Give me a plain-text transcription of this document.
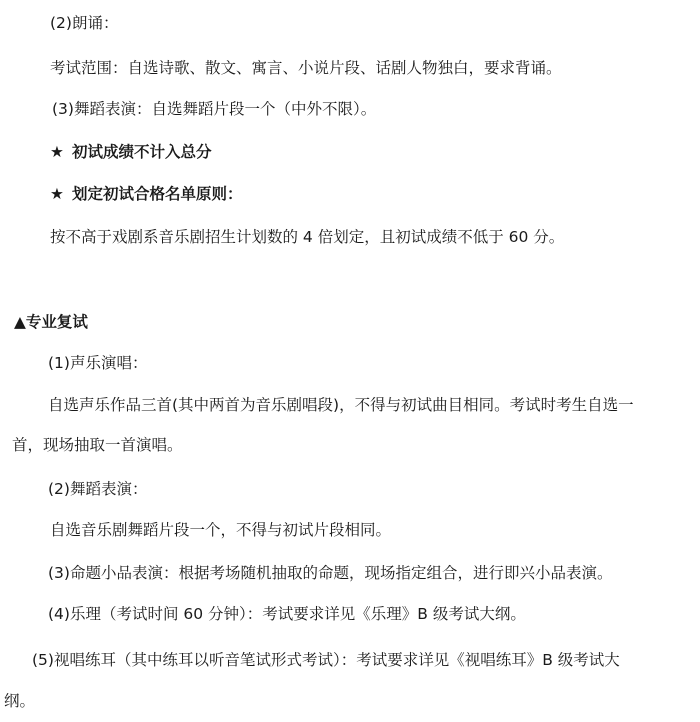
(2)朗诵：
考试范围：自选诗歌、散文、寓言、小说片段、话剧人物独白，要求背诵。
(3)舞蹈表演：自选舞蹈片段一个（中外不限）。
★ 初试成绩不计入总分
★ 划定初试合格名单原则：
按不高于戏剧系音乐剧招生计划数的 4 倍划定，且初试成绩不低于 60 分。
▲专业复试
(1)声乐演唱：
自选声乐作品三首(其中两首为音乐剧唱段)，不得与初试曲目相同。考试时考生自选一
首，现场抽取一首演唱。
(2)舞蹈表演：
自选音乐剧舞蹈片段一个，不得与初试片段相同。
(3)命题小品表演：根据考场随机抽取的命题，现场指定组合，进行即兴小品表演。
(4)乐理（考试时间 60 分钟）：考试要求详见《乐理》B 级考试大纲。
(5)视唱练耳（其中练耳以听音笔试形式考试）：考试要求详见《视唱练耳》B 级考试大
纲。
